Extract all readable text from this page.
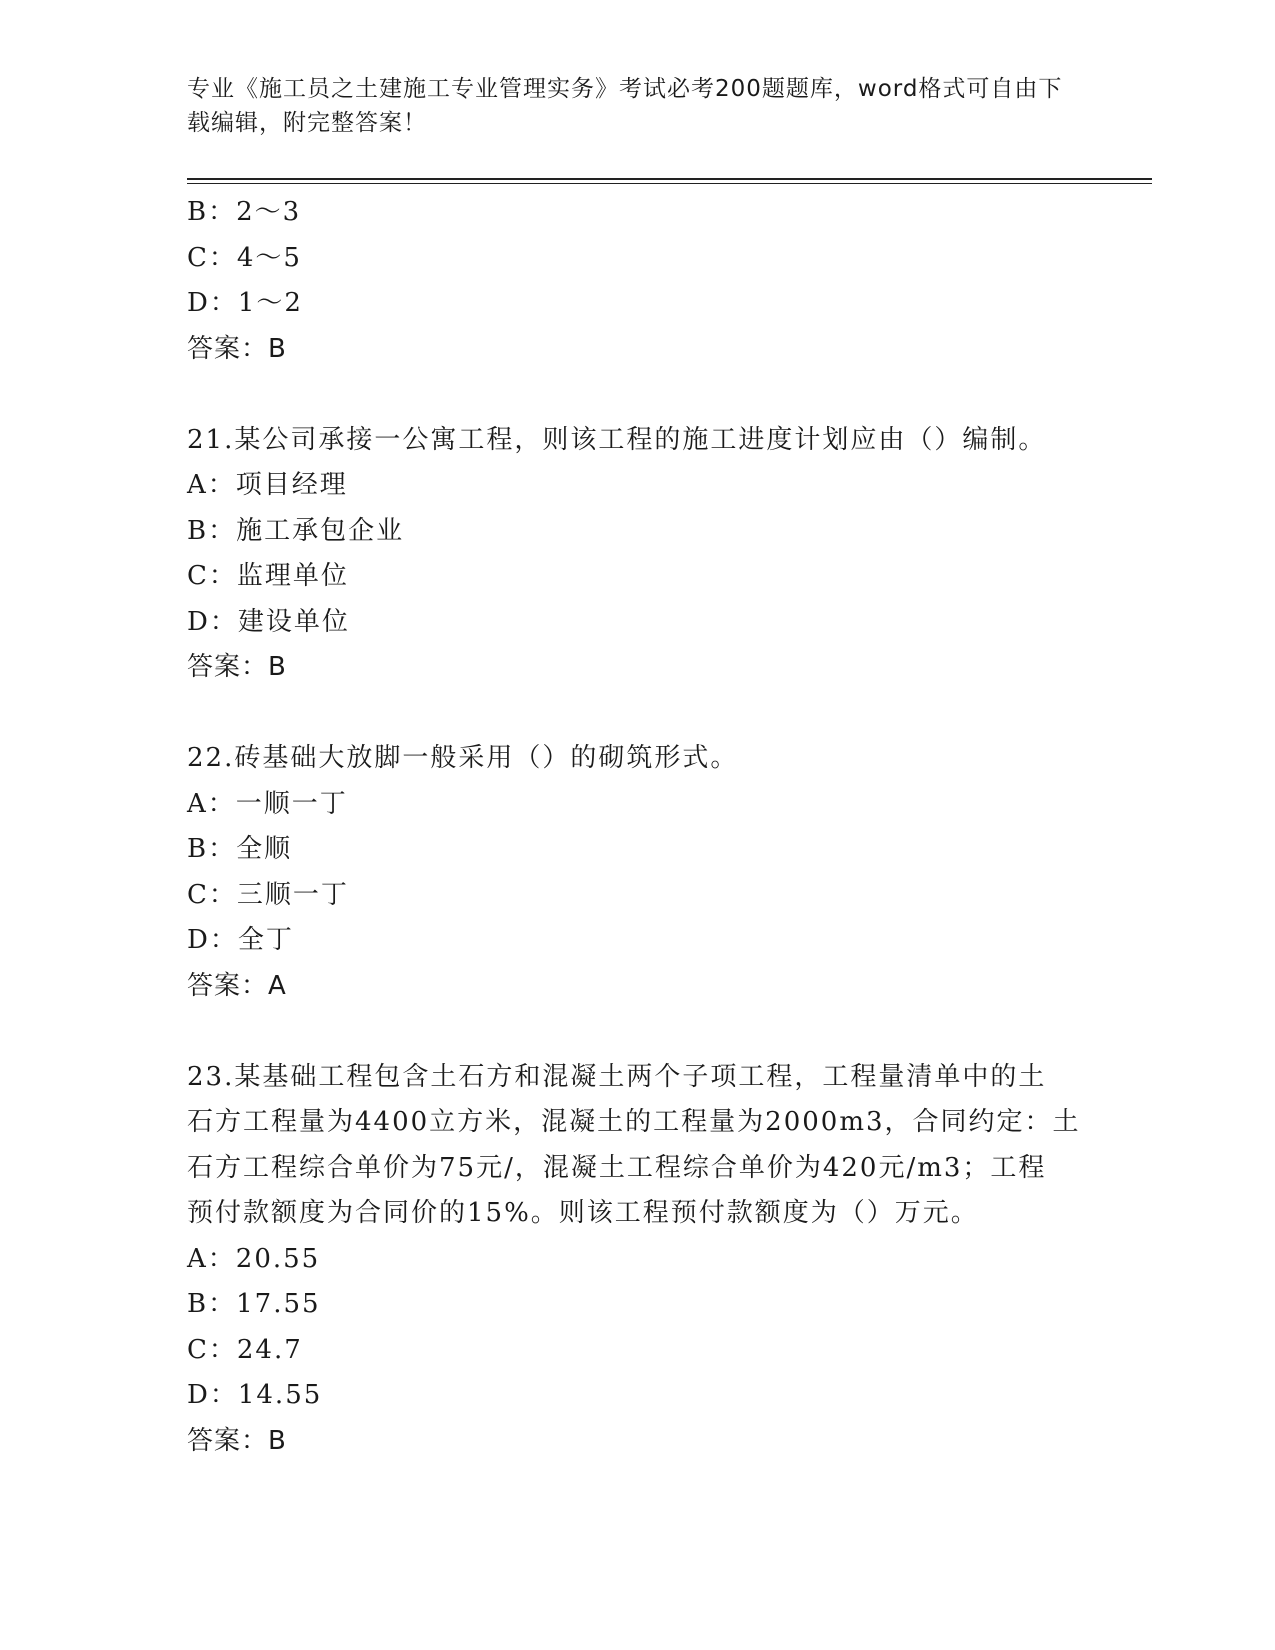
专业《施工员之土建施工专业管理实务》考试必考200题题库，word格式可自由下载编辑，附完整答案！
B：2～3
C：4～5
D：1～2
答案：B
21.某公司承接一公寓工程，则该工程的施工进度计划应由（）编制。
A：项目经理
B：施工承包企业
C：监理单位
D：建设单位
答案：B
22.砖基础大放脚一般采用（）的砌筑形式。
A：一顺一丁
B：全顺
C：三顺一丁
D：全丁
答案：A
23.某基础工程包含土石方和混凝土两个子项工程，工程量清单中的土
石方工程量为4400立方米，混凝土的工程量为2000m3，合同约定：土
石方工程综合单价为75元/，混凝土工程综合单价为420元/m3；工程
预付款额度为合同价的15%。则该工程预付款额度为（）万元。
A：20.55
B：17.55
C：24.7
D：14.55
答案：B
